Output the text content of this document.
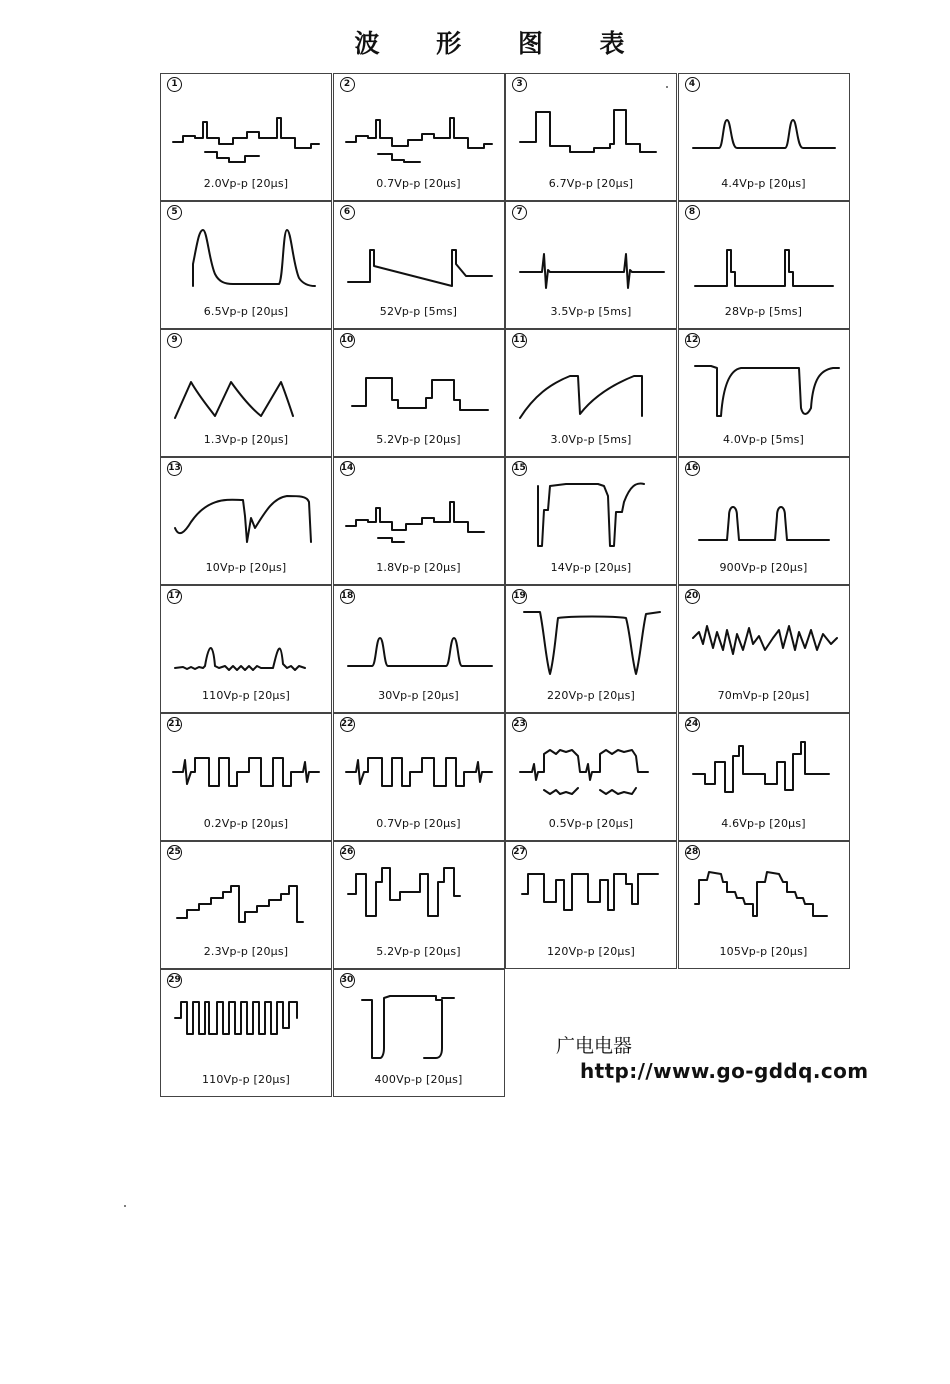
波 形 图 表
1
2.0Vp-p [20μs]
2
0.7Vp-p [20μs]
3
6.7Vp-p [20μs]
4
4.4Vp-p [20μs]
5
6.5Vp-p [20μs]
6
52Vp-p [5ms]
7
3.5Vp-p [5ms]
8
28Vp-p [5ms]
9
1.3Vp-p [20μs]
10
5.2Vp-p [20μs]
11
3.0Vp-p [5ms]
12
4.0Vp-p [5ms]
13
10Vp-p [20μs]
14
1.8Vp-p [20μs]
15
14Vp-p [20μs]
16
900Vp-p [20μs]
17
110Vp-p [20μs]
18
30Vp-p [20μs]
19
220Vp-p [20μs]
20
70mVp-p [20μs]
21
0.2Vp-p [20μs]
22
0.7Vp-p [20μs]
23
0.5Vp-p [20μs]
24
4.6Vp-p [20μs]
25
2.3Vp-p [20μs]
26
5.2Vp-p [20μs]
27
120Vp-p [20μs]
28
105Vp-p [20μs]
29
110Vp-p [20μs]
30
400Vp-p [20μs]
广电电器
http://www.go-gddq.com
